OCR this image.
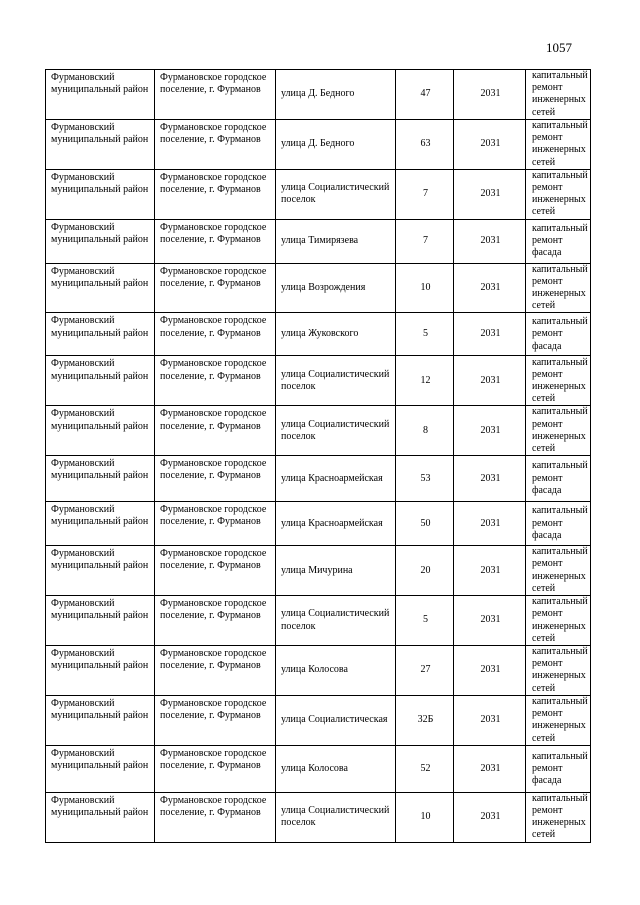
1057
Фурмановский муниципальный район	Фурмановское городское поселение, г. Фурманов	улица Д. Бедного	47	2031	капитальный ремонт инженерных сетей
Фурмановский муниципальный район	Фурмановское городское поселение, г. Фурманов	улица Д. Бедного	63	2031	капитальный ремонт инженерных сетей
Фурмановский муниципальный район	Фурмановское городское поселение, г. Фурманов	улица Социалистический поселок	7	2031	капитальный ремонт инженерных сетей
Фурмановский муниципальный район	Фурмановское городское поселение, г. Фурманов	улица Тимирязева	7	2031	капитальный ремонт фасада
Фурмановский муниципальный район	Фурмановское городское поселение, г. Фурманов	улица Возрождения	10	2031	капитальный ремонт инженерных сетей
Фурмановский муниципальный район	Фурмановское городское поселение, г. Фурманов	улица Жуковского	5	2031	капитальный ремонт фасада
Фурмановский муниципальный район	Фурмановское городское поселение, г. Фурманов	улица Социалистический поселок	12	2031	капитальный ремонт инженерных сетей
Фурмановский муниципальный район	Фурмановское городское поселение, г. Фурманов	улица Социалистический поселок	8	2031	капитальный ремонт инженерных сетей
Фурмановский муниципальный район	Фурмановское городское поселение, г. Фурманов	улица Красноармейская	53	2031	капитальный ремонт фасада
Фурмановский муниципальный район	Фурмановское городское поселение, г. Фурманов	улица Красноармейская	50	2031	капитальный ремонт фасада
Фурмановский муниципальный район	Фурмановское городское поселение, г. Фурманов	улица Мичурина	20	2031	капитальный ремонт инженерных сетей
Фурмановский муниципальный район	Фурмановское городское поселение, г. Фурманов	улица Социалистический поселок	5	2031	капитальный ремонт инженерных сетей
Фурмановский муниципальный район	Фурмановское городское поселение, г. Фурманов	улица Колосова	27	2031	капитальный ремонт инженерных сетей
Фурмановский муниципальный район	Фурмановское городское поселение, г. Фурманов	улица Социалистическая	32Б	2031	капитальный ремонт инженерных сетей
Фурмановский муниципальный район	Фурмановское городское поселение, г. Фурманов	улица Колосова	52	2031	капитальный ремонт фасада
Фурмановский муниципальный район	Фурмановское городское поселение, г. Фурманов	улица Социалистический поселок	10	2031	капитальный ремонт инженерных сетей
